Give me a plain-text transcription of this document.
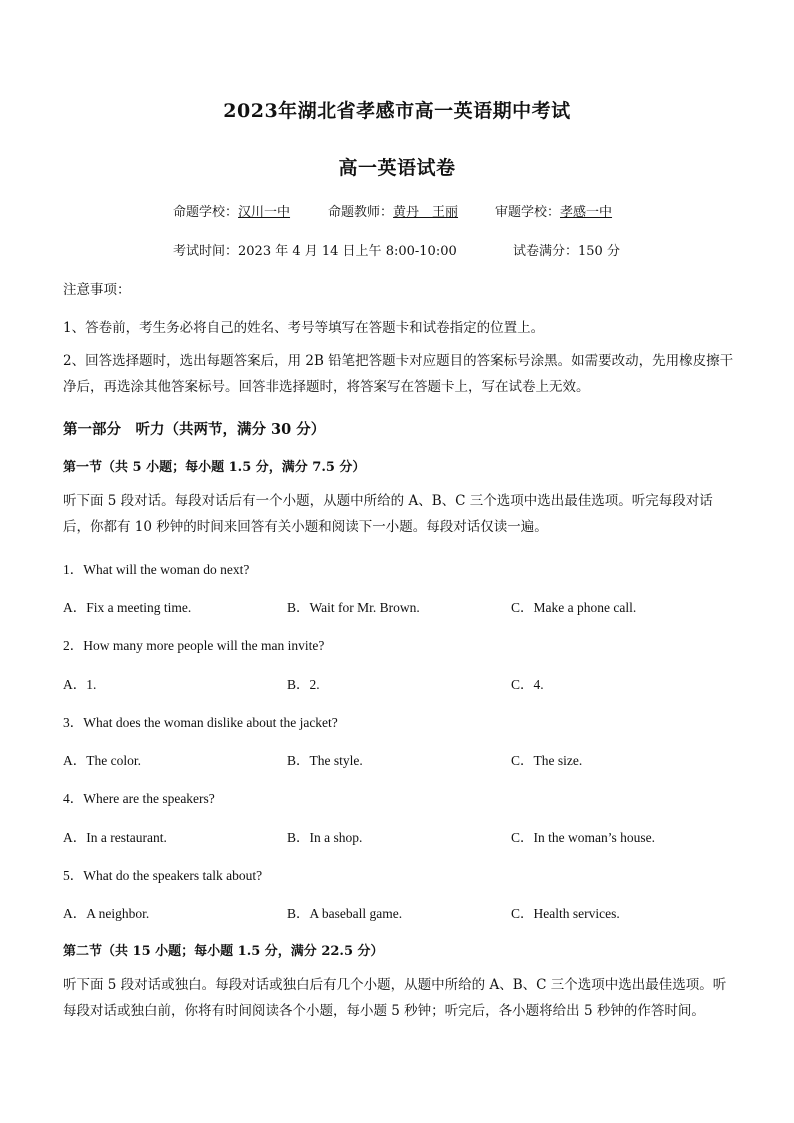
2023年湖北省孝感市高一英语期中考试
高一英语试卷
命题学校：汉川一中	命题教师：黄丹　王丽	审题学校：孝感一中
考试时间：2023 年 4 月 14 日上午 8:00-10:00	试卷满分：150 分
注意事项：
1、答卷前，考生务必将自己的姓名、考号等填写在答题卡和试卷指定的位置上。
2、回答选择题时，选出每题答案后，用 2B 铅笔把答题卡对应题目的答案标号涂黑。如需要改动，先用橡皮擦干净后，再选涂其他答案标号。回答非选择题时，将答案写在答题卡上，写在试卷上无效。
第一部分　听力（共两节，满分 30 分）
第一节（共 5 小题；每小题 1.5 分，满分 7.5 分）
听下面 5 段对话。每段对话后有一个小题，从题中所给的 A、B、C 三个选项中选出最佳选项。听完每段对话后，你都有 10 秒钟的时间来回答有关小题和阅读下一小题。每段对话仅读一遍。
1．What will the woman do next?
A．Fix a meeting time.	B．Wait for Mr. Brown.	C．Make a phone call.
2．How many more people will the man invite?
A．1.	B．2.	C．4.
3．What does the woman dislike about the jacket?
A．The color.	B．The style.	C．The size.
4．Where are the speakers?
A．In a restaurant.	B．In a shop.	C．In the woman’s house.
5．What do the speakers talk about?
A．A neighbor.	B．A baseball game.	C．Health services.
第二节（共 15 小题；每小题 1.5 分，满分 22.5 分）
听下面 5 段对话或独白。每段对话或独白后有几个小题，从题中所给的 A、B、C 三个选项中选出最佳选项。听每段对话或独白前，你将有时间阅读各个小题，每小题 5 秒钟；听完后，各小题将给出 5 秒钟的作答时间。
